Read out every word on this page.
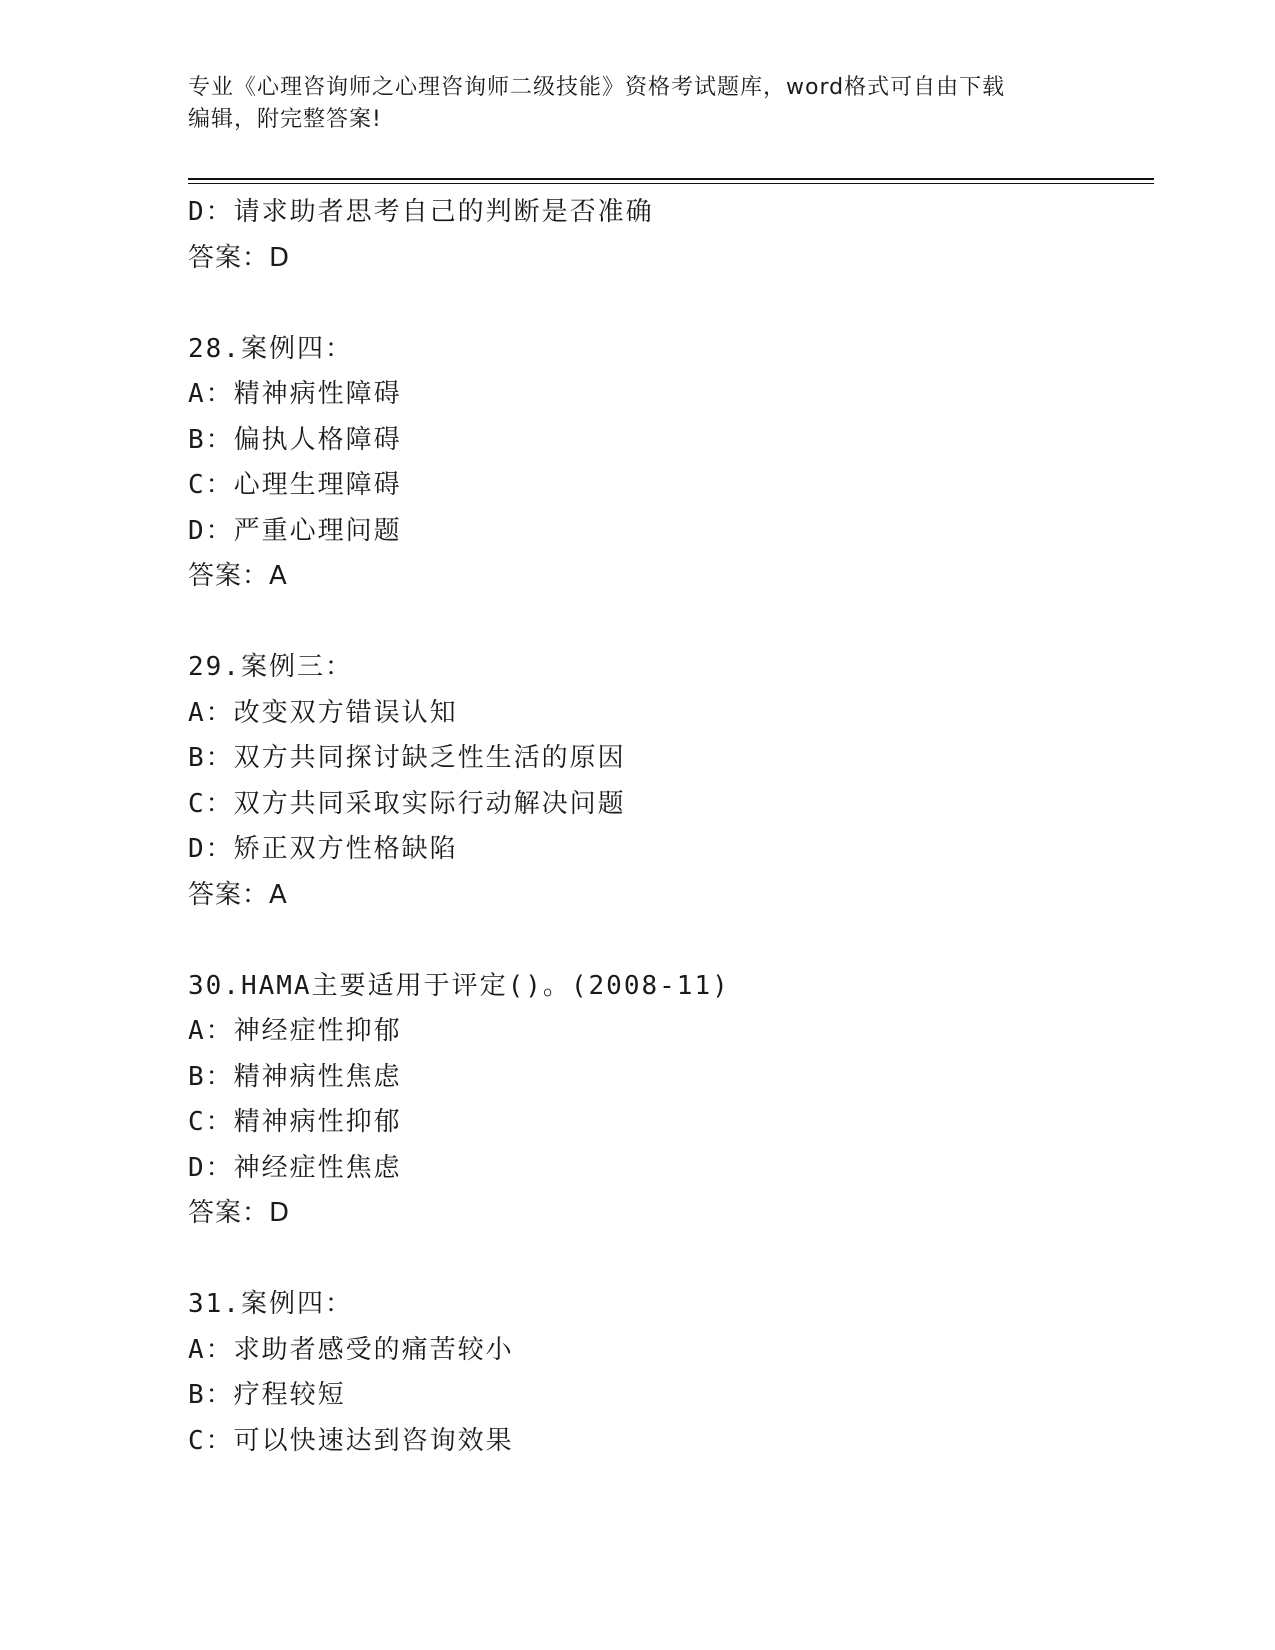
专业《心理咨询师之心理咨询师二级技能》资格考试题库，word格式可自由下载
编辑，附完整答案!
D：请求助者思考自己的判断是否准确
答案：D
28.案例四：
A：精神病性障碍
B：偏执人格障碍
C：心理生理障碍
D：严重心理问题
答案：A
29.案例三：
A：改变双方错误认知
B：双方共同探讨缺乏性生活的原因
C：双方共同采取实际行动解决问题
D：矫正双方性格缺陷
答案：A
30.HAMA主要适用于评定()。(2008-11)
A：神经症性抑郁
B：精神病性焦虑
C：精神病性抑郁
D：神经症性焦虑
答案：D
31.案例四：
A：求助者感受的痛苦较小
B：疗程较短
C：可以快速达到咨询效果
